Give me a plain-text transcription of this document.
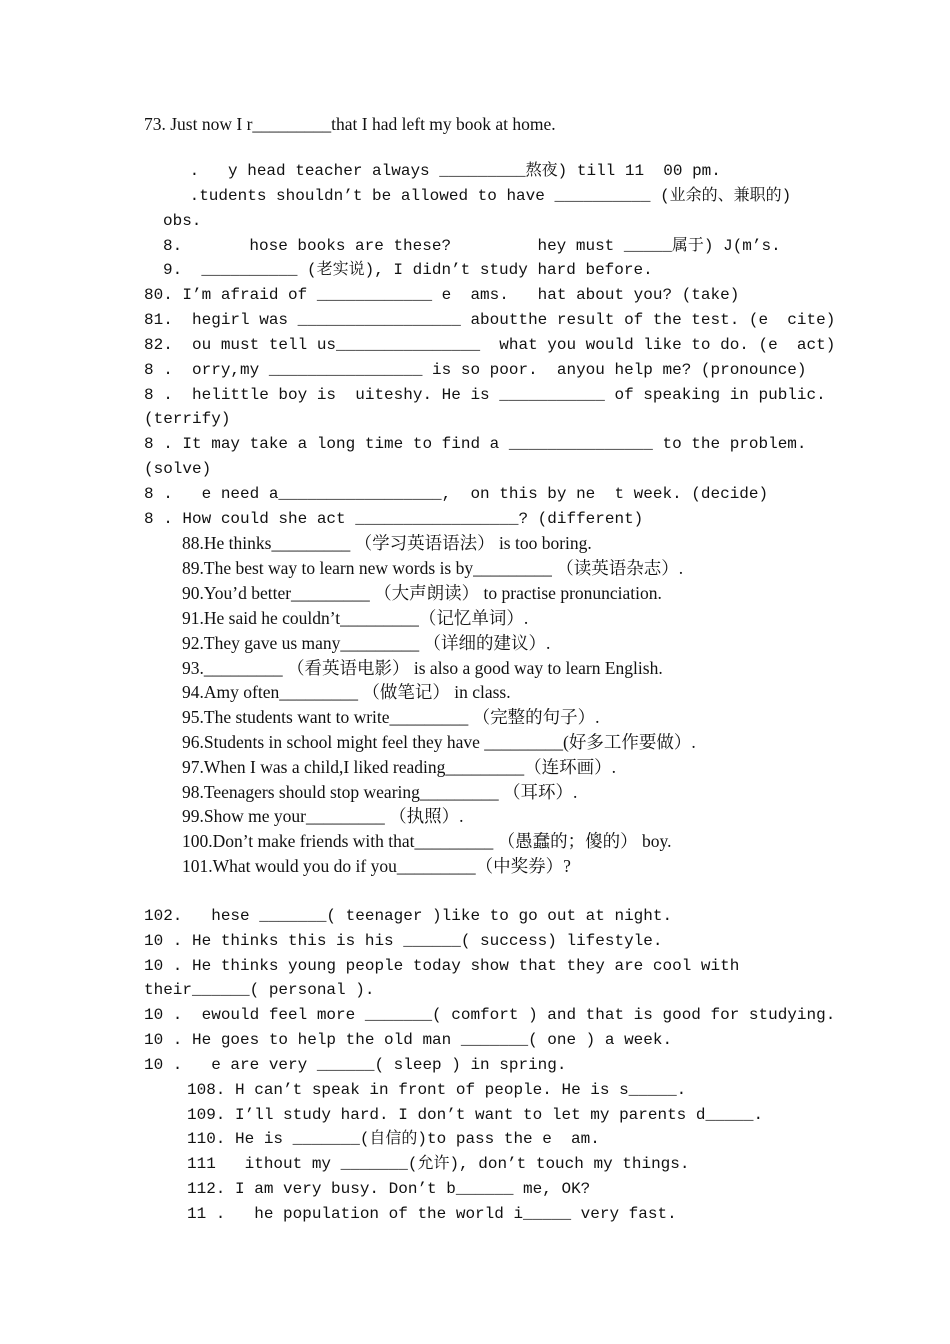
73. Just now I r_________that I had left my book at home.
.   y head teacher always _________熬夜) till 11  00 pm.
.tudents shouldn’t be allowed to have __________ (业余的、兼职的)
obs.
8.       hose books are these?         hey must _____属于) J(m’s.
9.  __________ (老实说), I didn’t study hard before.
80. I’m afraid of ____________ e  ams.   hat about you? (take)
81.  hegirl was _________________ aboutthe result of the test. (e  cite)
82.  ou must tell us_______________  what you would like to do. (e  act)
8 .  orry,my ________________ is so poor.  anyou help me? (pronounce)
8 .  helittle boy is  uiteshy. He is ___________ of speaking in public.
(terrify)
8 . It may take a long time to find a _______________ to the problem.
(solve)
8 .   e need a_________________,  on this by ne  t week. (decide)
8 . How could she act _________________? (different)
88.He thinks_________ （学习英语语法） is too boring.
89.The best way to learn new words is by_________ （读英语杂志）.
90.You’d better_________ （大声朗读） to practise pronunciation.
91.He said he couldn’t_________（记忆单词）.
92.They gave us many_________ （详细的建议）.
93._________ （看英语电影） is also a good way to learn English.
94.Amy often_________ （做笔记） in class.
95.The students want to write_________ （完整的句子）.
96.Students in school might feel they have _________(好多工作要做）.
97.When I was a child,I liked reading_________（连环画）.
98.Teenagers should stop wearing_________ （耳环）.
99.Show me your_________ （执照）.
100.Don’t make friends with that_________ （愚蠢的；傻的） boy.
101.What would you do if you_________（中奖券）?
102.   hese _______( teenager )like to go out at night.
10 . He thinks this is his ______( success) lifestyle.
10 . He thinks young people today show that they are cool with
their______( personal ).
10 .  ewould feel more _______( comfort ) and that is good for studying.
10 . He goes to help the old man _______( one ) a week.
10 .   e are very ______( sleep ) in spring.
108. H can’t speak in front of people. He is s_____.
109. I’ll study hard. I don’t want to let my parents d_____.
110. He is _______(自信的)to pass the e  am.
111   ithout my _______(允许), don’t touch my things.
112. I am very busy. Don’t b______ me, OK?
11 .   he population of the world i_____ very fast.
